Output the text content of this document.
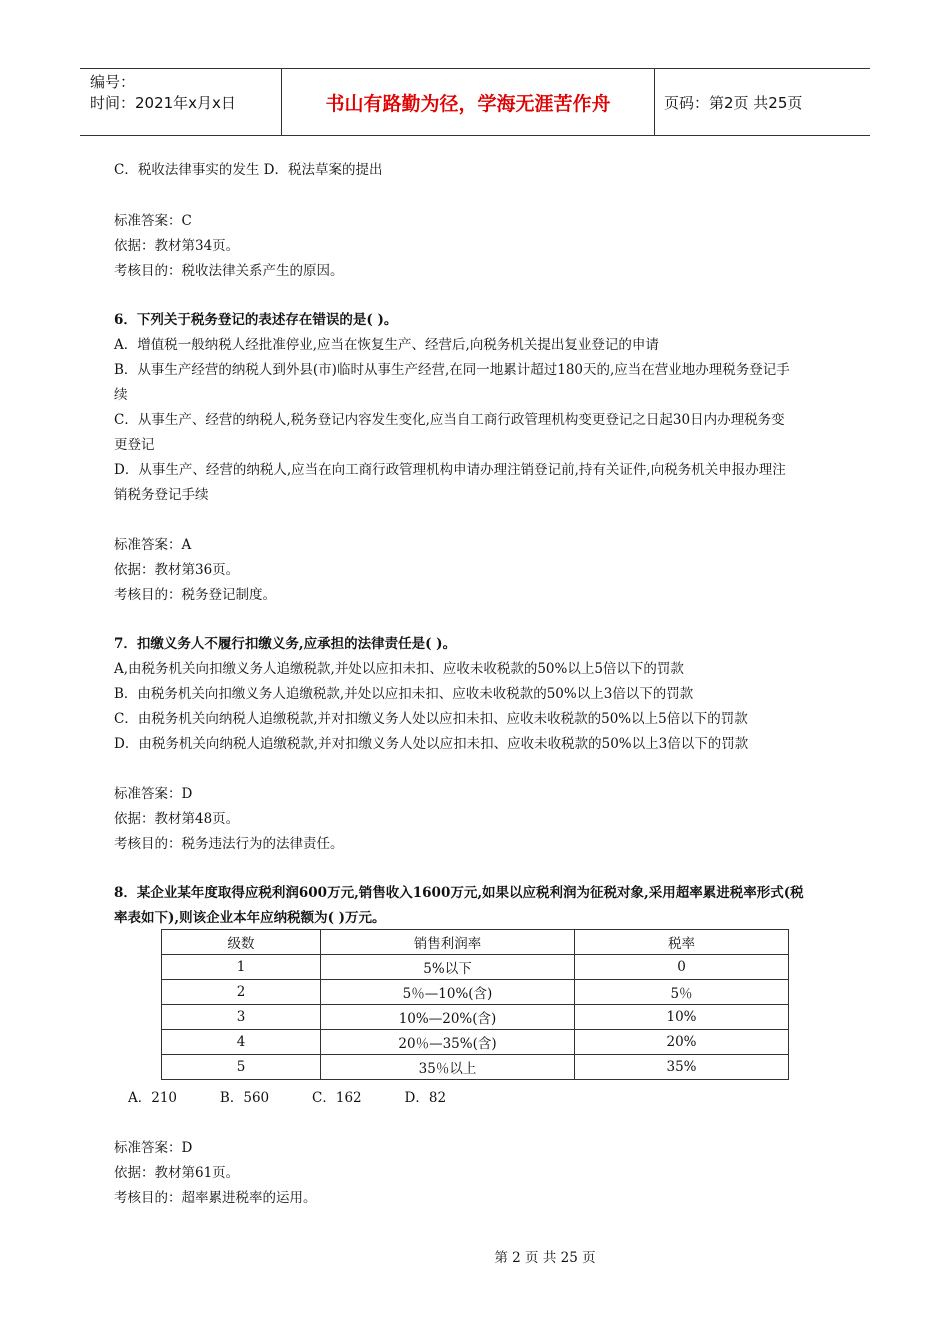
编号：
时间：2021年x月x日	书山有路勤为径，学海无涯苦作舟	页码：第2页 共25页
C．税收法律事实的发生 D．税法草案的提出
标准答案：C
依据：教材第34页。
考核目的：税收法律关系产生的原因。
6．下列关于税务登记的表述存在错误的是( )。
A．增值税一般纳税人经批准停业,应当在恢复生产、经营后,向税务机关提出复业登记的申请
B．从事生产经营的纳税人到外县(市)临时从事生产经营,在同一地累计超过180天的,应当在营业地办理税务登记手
续
C．从事生产、经营的纳税人,税务登记内容发生变化,应当自工商行政管理机构变更登记之日起30日内办理税务变
更登记
D．从事生产、经营的纳税人,应当在向工商行政管理机构申请办理注销登记前,持有关证件,向税务机关申报办理注
销税务登记手续
标准答案：A
依据：教材第36页。
考核目的：税务登记制度。
7．扣缴义务人不履行扣缴义务,应承担的法律责任是( )。
A,由税务机关向扣缴义务人追缴税款,并处以应扣未扣、应收未收税款的50%以上5倍以下的罚款
B．由税务机关向扣缴义务人追缴税款,并处以应扣未扣、应收未收税款的50%以上3倍以下的罚款
C．由税务机关向纳税人追缴税款,并对扣缴义务人处以应扣未扣、应收未收税款的50%以上5倍以下的罚款
D．由税务机关向纳税人追缴税款,并对扣缴义务人处以应扣未扣、应收未收税款的50%以上3倍以下的罚款
标准答案：D
依据：教材第48页。
考核目的：税务违法行为的法律责任。
8．某企业某年度取得应税利润600万元,销售收入1600万元,如果以应税利润为征税对象,采用超率累进税率形式(税
率表如下),则该企业本年应纳税额为( )万元。
级数	销售利润率	税率
1	5%以下	0
2	5％—10%(含)	5％
3	10%—20%(含)	10%
4	20％—35%(含)	20%
5	35％以上	35%
A．210          B．560          C．162          D．82
标准答案：D
依据：教材第61页。
考核目的：超率累进税率的运用。
第 2 页 共 25 页
